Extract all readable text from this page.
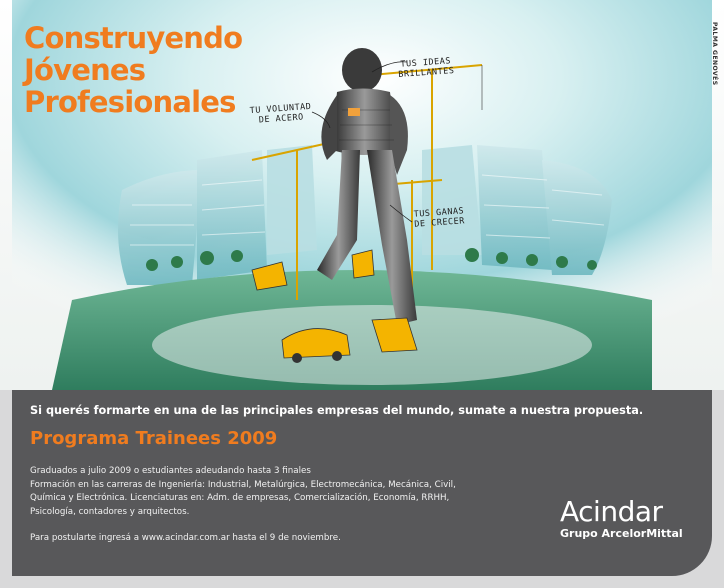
TUS IDEAS
BRILLANTES
TU VOLUNTAD
DE ACERO
TUS GANAS
DE CRECER
Construyendo
Jóvenes
Profesionales
PALMA GENOVÉS

Si querés formarte en una de las principales empresas del mundo, sumate a nuestra propuesta.

Programa Trainees 2009

Graduados a julio 2009 o estudiantes adeudando hasta 3 finales
Formación en las carreras de Ingeniería: Industrial, Metalúrgica, Electromecánica, Mecánica, Civil,
Química y Electrónica. Licenciaturas en: Adm. de empresas, Comercialización, Economía, RRHH,
Psicología, contadores y arquitectos.

Para postularte ingresá a www.acindar.com.ar hasta el 9 de noviembre.

Acindar
Grupo ArcelorMittal
